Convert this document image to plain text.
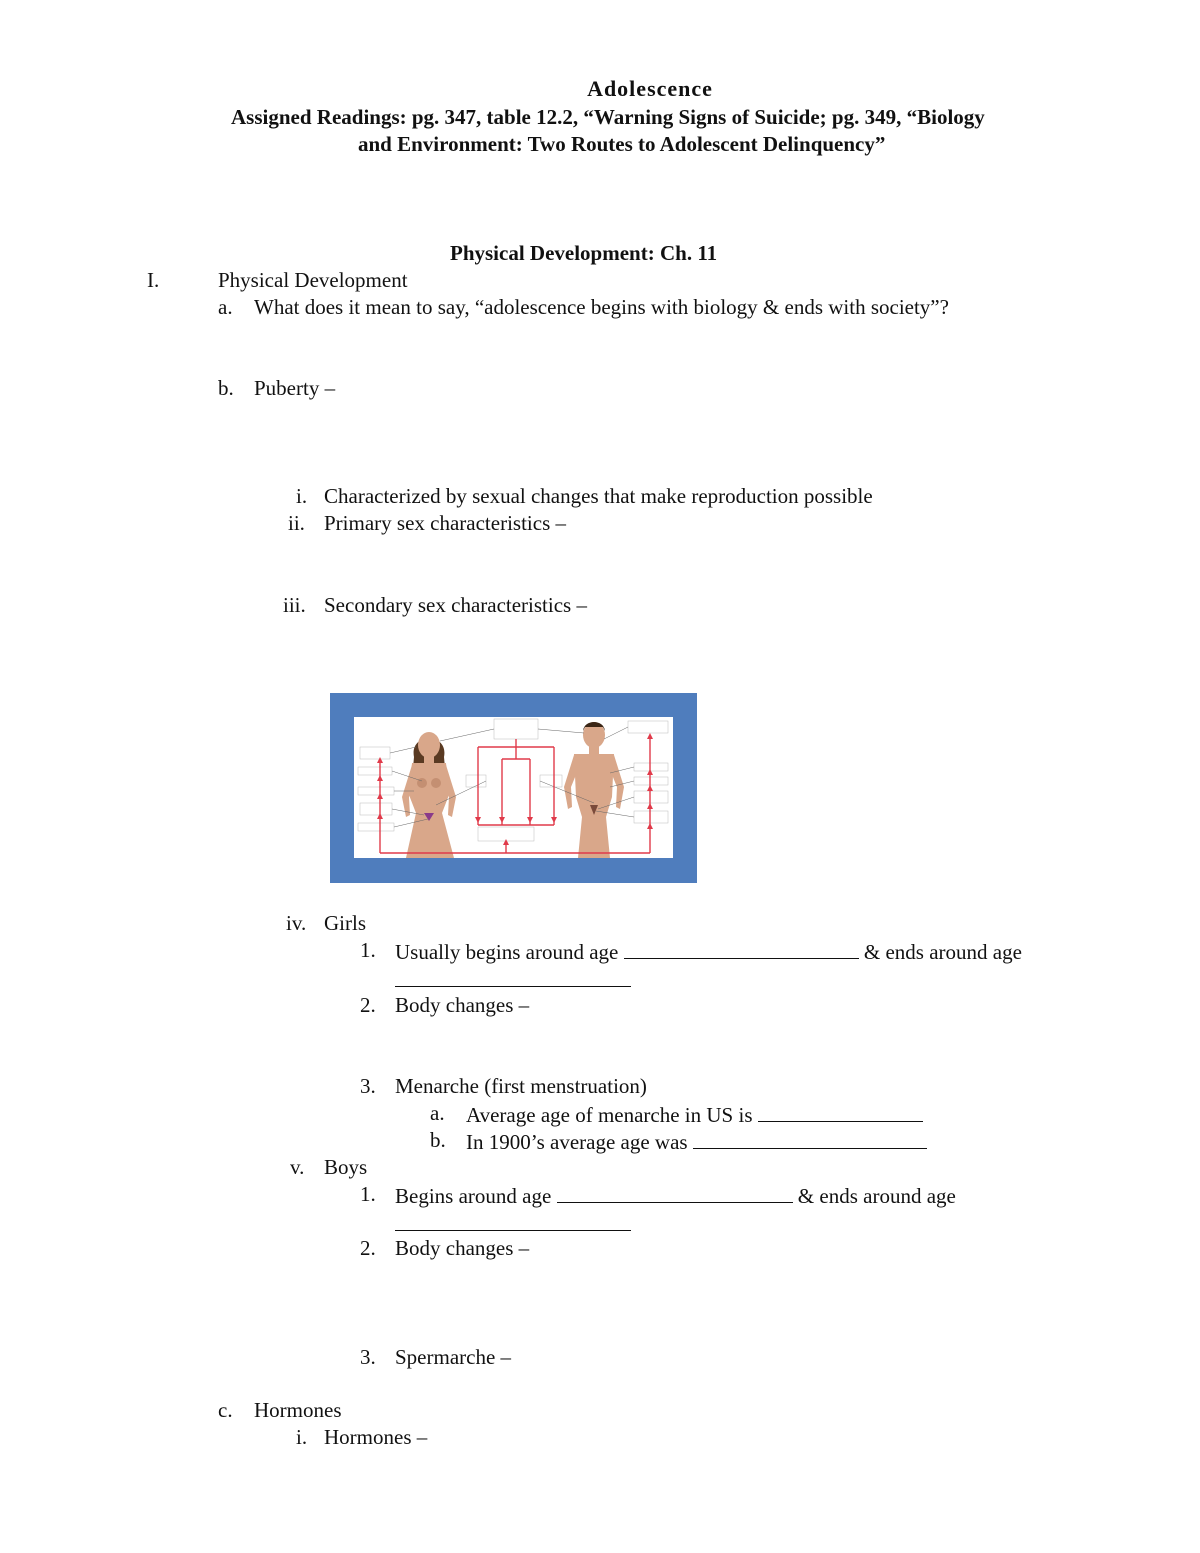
Adolescence
Assigned Readings: pg. 347, table 12.2, “Warning Signs of Suicide; pg. 349, “Biology
and Environment: Two Routes to Adolescent Delinquency”
Physical Development: Ch. 11
I.	Physical Development
a. What does it mean to say, “adolescence begins with biology & ends with society”?
b. Puberty –
i. Characterized by sexual changes that make reproduction possible
ii. Primary sex characteristics –
iii. Secondary sex characteristics –
iv. Girls
1. Usually begins around age	& ends around age
2. Body changes –
3. Menarche (first menstruation)
a. Average age of menarche in US is
b. In 1900’s average age was
v. Boys
1. Begins around age	& ends around age
2. Body changes –
3. Spermarche –
c. Hormones
i. Hormones –
